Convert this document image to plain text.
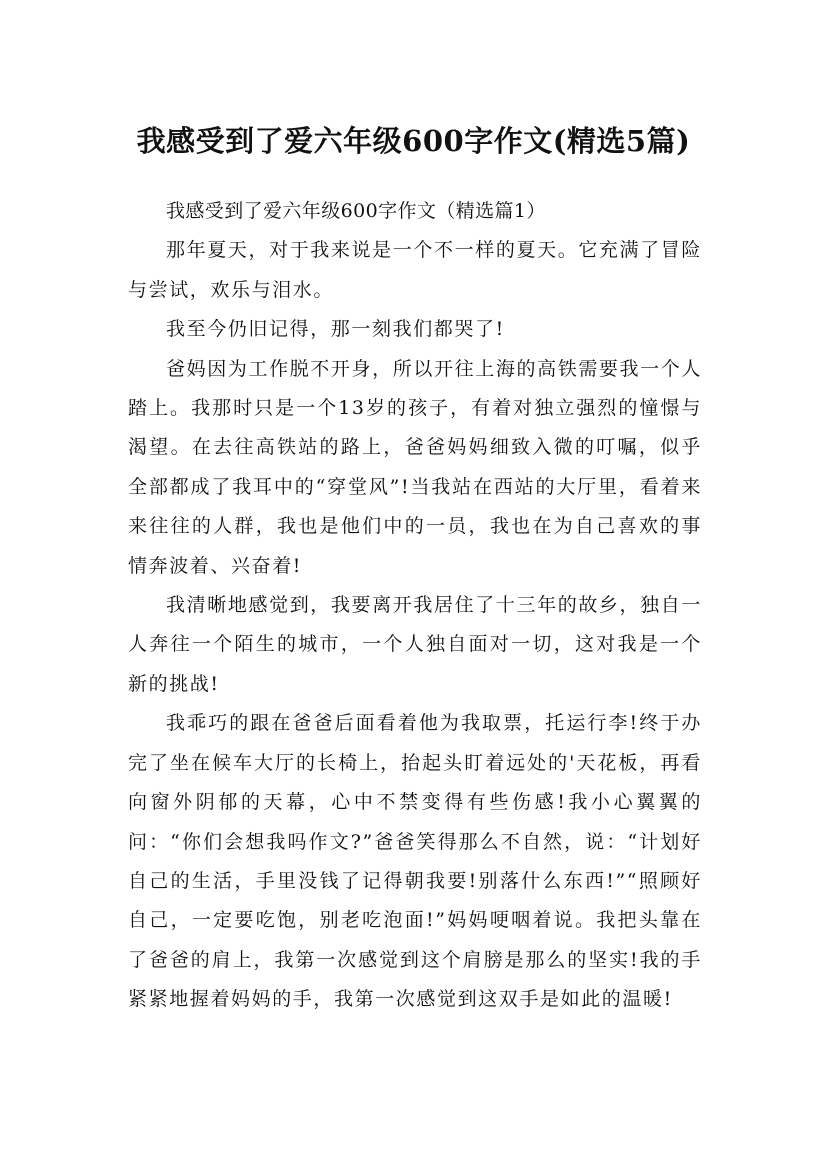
我感受到了爱六年级600字作文(精选5篇)

我感受到了爱六年级600字作文（精选篇1）

那年夏天，对于我来说是一个不一样的夏天。它充满了冒险与尝试，欢乐与泪水。

我至今仍旧记得，那一刻我们都哭了!

爸妈因为工作脱不开身，所以开往上海的高铁需要我一个人踏上。我那时只是一个13岁的孩子，有着对独立强烈的憧憬与渴望。在去往高铁站的路上，爸爸妈妈细致入微的叮嘱，似乎全部都成了我耳中的“穿堂风”!当我站在西站的大厅里，看着来来往往的人群，我也是他们中的一员，我也在为自己喜欢的事情奔波着、兴奋着!

我清晰地感觉到，我要离开我居住了十三年的故乡，独自一人奔往一个陌生的城市，一个人独自面对一切，这对我是一个新的挑战!

我乖巧的跟在爸爸后面看着他为我取票，托运行李!终于办完了坐在候车大厅的长椅上，抬起头盯着远处的'天花板，再看向窗外阴郁的天幕，心中不禁变得有些伤感!我小心翼翼的问：“你们会想我吗作文?”爸爸笑得那么不自然，说：“计划好自己的生活，手里没钱了记得朝我要!别落什么东西!”“照顾好自己，一定要吃饱，别老吃泡面!”妈妈哽咽着说。我把头靠在了爸爸的肩上，我第一次感觉到这个肩膀是那么的坚实!我的手紧紧地握着妈妈的手，我第一次感觉到这双手是如此的温暖!
